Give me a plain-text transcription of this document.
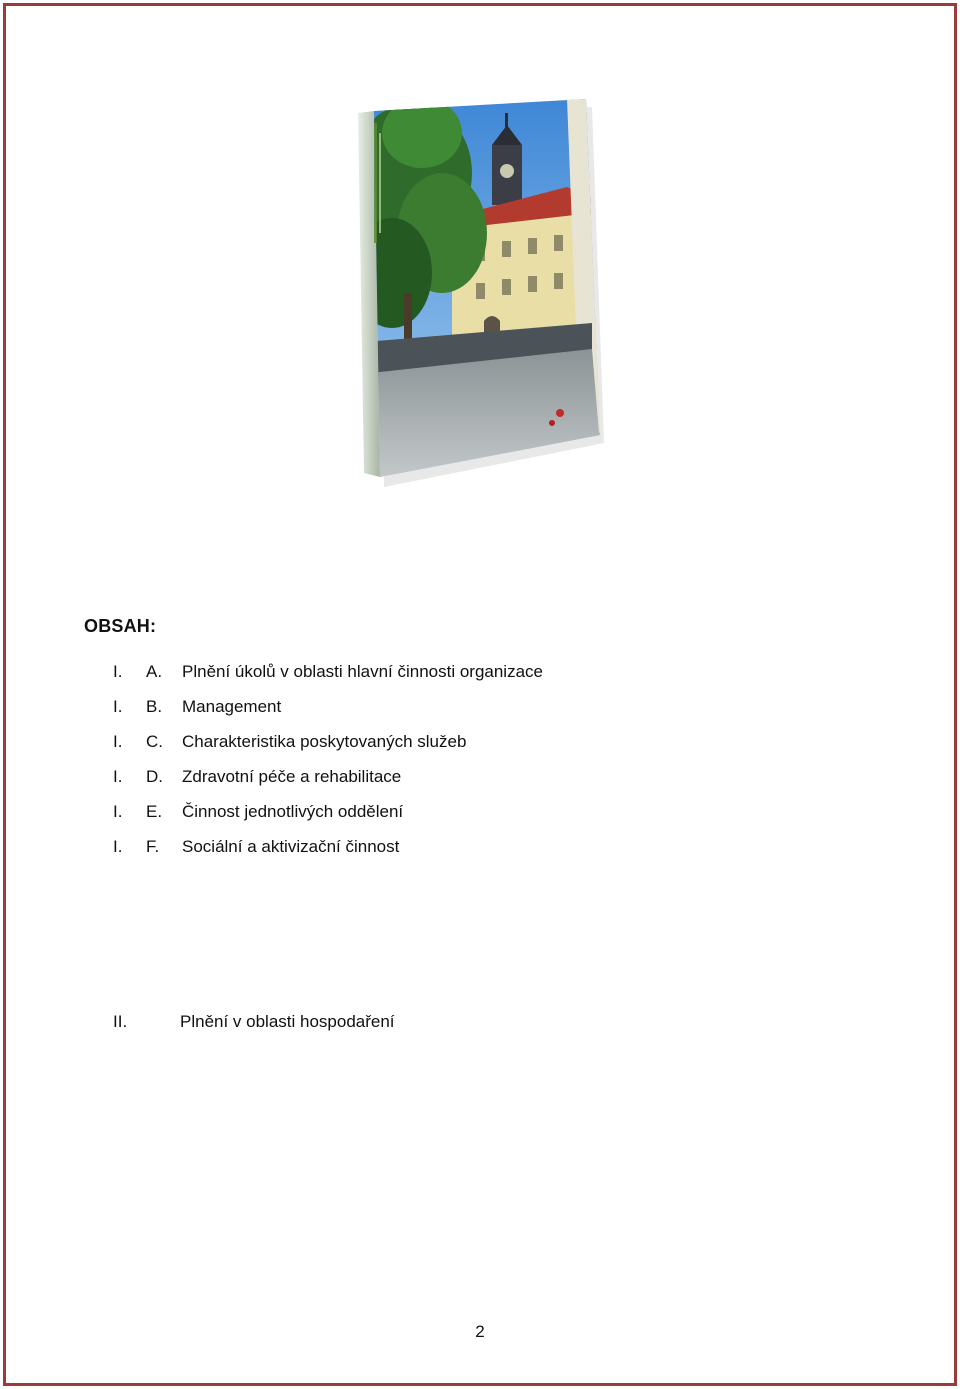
OBSAH:
I.	A.	Plnění úkolů v oblasti hlavní činnosti organizace
I.	B.	Management
I.	C.	Charakteristika poskytovaných služeb
I.	D.	Zdravotní péče a rehabilitace
I.	E.	Činnost jednotlivých oddělení
I.	F.	Sociální a aktivizační činnost
II.	Plnění v oblasti hospodaření
2
